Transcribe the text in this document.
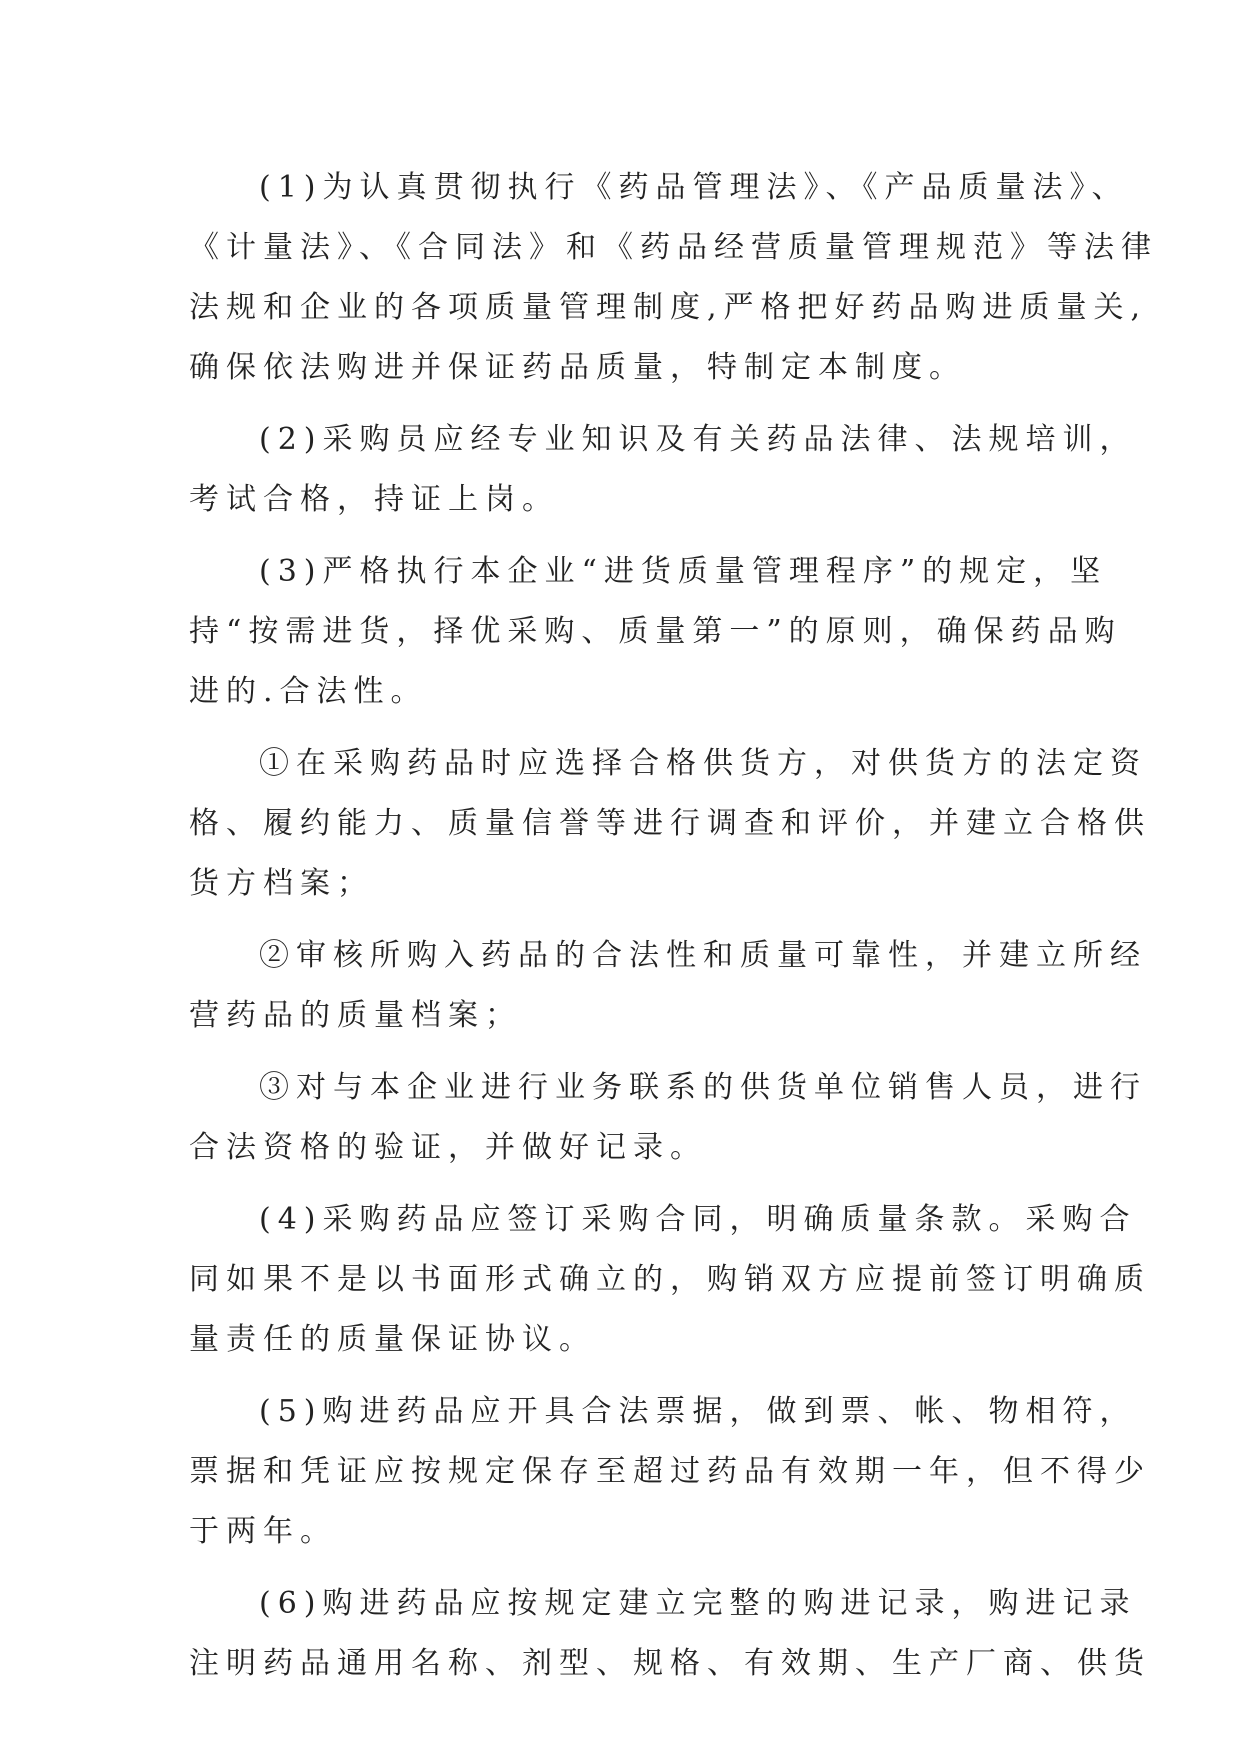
(1)为认真贯彻执行《药品管理法》、《产品质量法》、
《计量法》、《合同法》和《药品经营质量管理规范》等法律
法规和企业的各项质量管理制度,严格把好药品购进质量关,
确保依法购进并保证药品质量，特制定本制度。
(2)采购员应经专业知识及有关药品法律、法规培训，
考试合格，持证上岗。
(3)严格执行本企业“进货质量管理程序”的规定，坚
持“按需进货，择优采购、质量第一”的原则，确保药品购
进的.合法性。
①在采购药品时应选择合格供货方，对供货方的法定资
格、履约能力、质量信誉等进行调查和评价，并建立合格供
货方档案；
②审核所购入药品的合法性和质量可靠性，并建立所经
营药品的质量档案；
③对与本企业进行业务联系的供货单位销售人员，进行
合法资格的验证，并做好记录。
(4)采购药品应签订采购合同，明确质量条款。采购合
同如果不是以书面形式确立的，购销双方应提前签订明确质
量责任的质量保证协议。
(5)购进药品应开具合法票据，做到票、帐、物相符，
票据和凭证应按规定保存至超过药品有效期一年，但不得少
于两年。
(6)购进药品应按规定建立完整的购进记录，购进记录
注明药品通用名称、剂型、规格、有效期、生产厂商、供货
